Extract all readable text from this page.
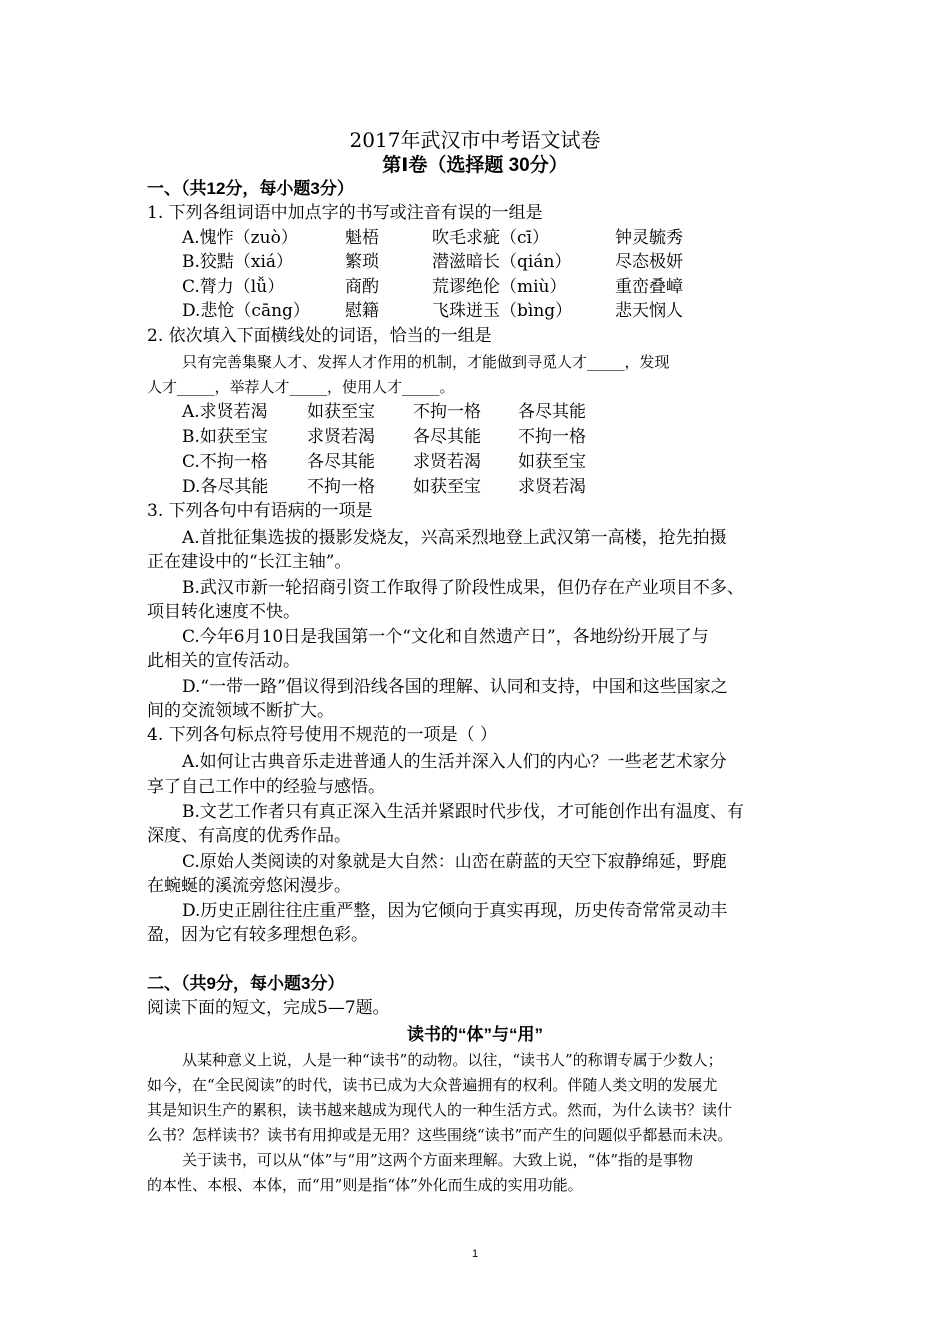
2017年武汉市中考语文试卷
第Ⅰ卷（选择题 30分）
一、（共12分，每小题3分）
1. 下列各组词语中加点字的书写或注音有误的一组是
A.愧怍（zuò）	魁梧	吹毛求疵（cī）	钟灵毓秀
B.狡黠（xiá）	繁琐	潜滋暗长（qián）	尽态极妍
C.膂力（lǚ）	商酌	荒谬绝伦（miù）	重峦叠嶂
D.悲怆（cāng） 慰籍	飞珠迸玉（bìng）	悲天悯人
2. 依次填入下面横线处的词语，恰当的一组是
只有完善集聚人才、发挥人才作用的机制，才能做到寻觅人才_____，发现
人才_____，举荐人才_____，使用人才_____。
A.求贤若渴 如获至宝 不拘一格 各尽其能
B.如获至宝 求贤若渴 各尽其能 不拘一格
C.不拘一格 各尽其能 求贤若渴 如获至宝
D.各尽其能 不拘一格 如获至宝 求贤若渴
3. 下列各句中有语病的一项是
A.首批征集选拔的摄影发烧友，兴高采烈地登上武汉第一高楼，抢先拍摄
正在建设中的“长江主轴”。
B.武汉市新一轮招商引资工作取得了阶段性成果，但仍存在产业项目不多、
项目转化速度不快。
C.今年6月10日是我国第一个“文化和自然遗产日”，各地纷纷开展了与
此相关的宣传活动。
D.“一带一路”倡议得到沿线各国的理解、认同和支持，中国和这些国家之
间的交流领域不断扩大。
4. 下列各句标点符号使用不规范的一项是（ ）
A.如何让古典音乐走进普通人的生活并深入人们的内心？一些老艺术家分
享了自己工作中的经验与感悟。
B.文艺工作者只有真正深入生活并紧跟时代步伐，才可能创作出有温度、有
深度、有高度的优秀作品。
C.原始人类阅读的对象就是大自然：山峦在蔚蓝的天空下寂静绵延，野鹿
在蜿蜒的溪流旁悠闲漫步。
D.历史正剧往往庄重严整，因为它倾向于真实再现，历史传奇常常灵动丰
盈，因为它有较多理想色彩。
二、（共9分，每小题3分）
阅读下面的短文，完成5—7题。
读书的“体”与“用”
从某种意义上说，人是一种“读书”的动物。以往，“读书人”的称谓专属于少数人；
如今，在“全民阅读”的时代，读书已成为大众普遍拥有的权利。伴随人类文明的发展尤
其是知识生产的累积，读书越来越成为现代人的一种生活方式。然而，为什么读书？读什
么书？怎样读书？读书有用抑或是无用？这些围绕“读书”而产生的问题似乎都悬而未决。
关于读书，可以从“体”与“用”这两个方面来理解。大致上说，“体”指的是事物
的本性、本根、本体，而“用”则是指“体”外化而生成的实用功能。
1
